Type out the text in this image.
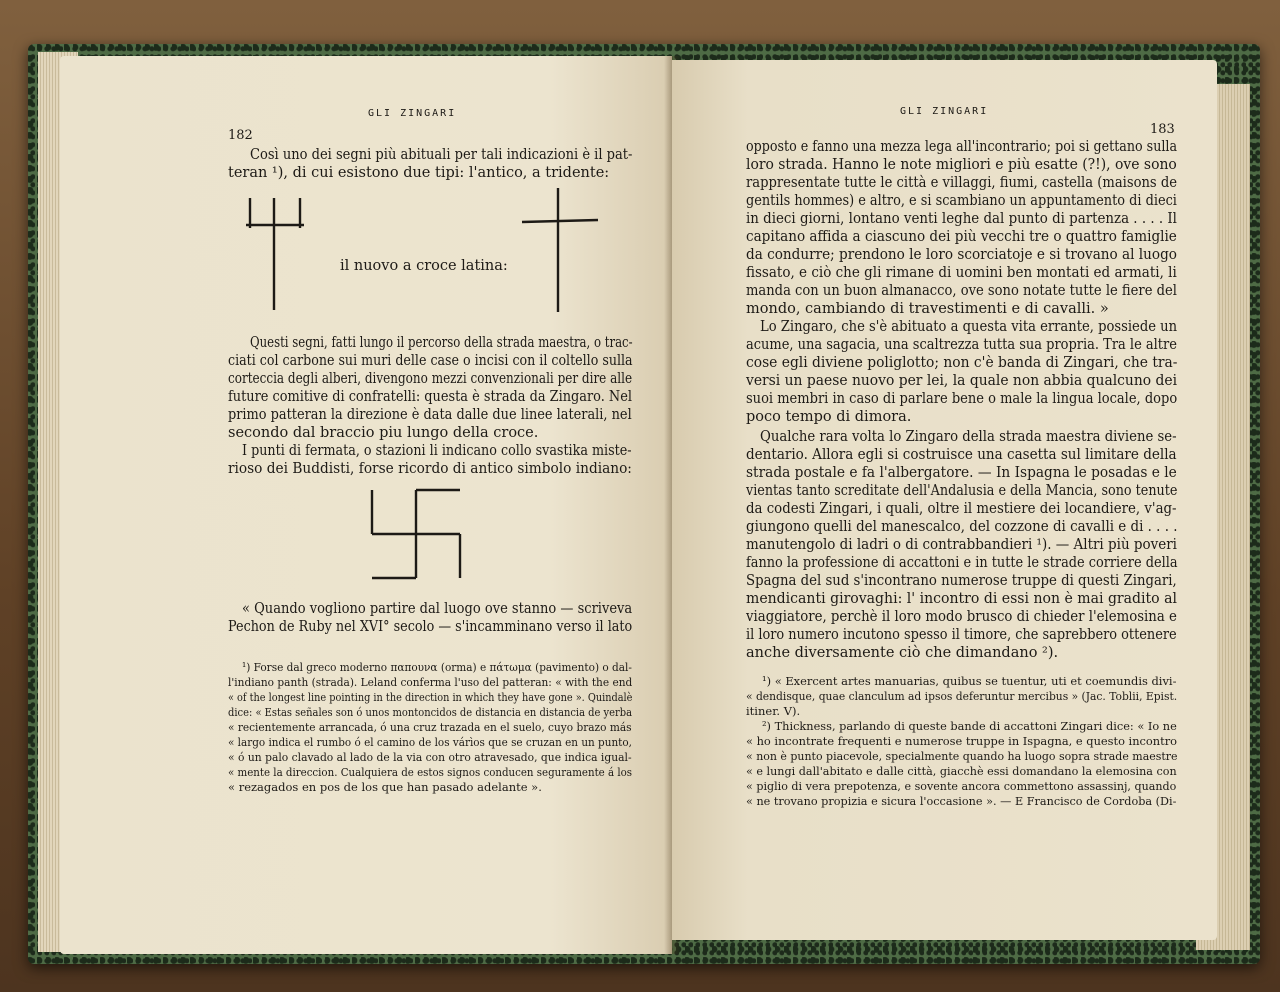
GLI ZINGARI
182
Così uno dei segni più abituali per tali indicazioni è il pat-
teran ¹), di cui esistono due tipi: l'antico, a tridente:
il nuovo a croce latina:
Questi segni, fatti lungo il percorso della strada maestra, o trac-
ciati col carbone sui muri delle case o incisi con il coltello sulla
corteccia degli alberi, divengono mezzi convenzionali per dire alle
future comitive di confratelli: questa è strada da Zingaro. Nel
primo patteran la direzione è data dalle due linee laterali, nel
secondo dal braccio piu lungo della croce.
I punti di fermata, o stazioni li indicano collo svastika miste-
rioso dei Buddisti, forse ricordo di antico simbolo indiano:
« Quando vogliono partire dal luogo ove stanno — scriveva
Pechon de Ruby nel XVI° secolo — s'incamminano verso il lato
¹) Forse dal greco moderno παπoυνα (orma) e πάτωμα (pavimento) o dal-
l'indiano panth (strada). Leland conferma l'uso del patteran: « with the end
« of the longest line pointing in the direction in which they have gone ». Quindalè
dice: « Estas señales son ó unos montoncidos de distancia en distancia de yerba
« recientemente arrancada, ó una cruz trazada en el suelo, cuyo brazo más
« largo indica el rumbo ó el camino de los várìos que se cruzan en un punto,
« ó un palo clavado al lado de la via con otro atravesado, que indica igual-
« mente la direccion. Cualquiera de estos signos conducen seguramente á los
« rezagados en pos de los que han pasado adelante ».
GLI ZINGARI
183
opposto e fanno una mezza lega all'incontrario; poi si gettano sulla
loro strada. Hanno le note migliori e più esatte (?!), ove sono
rappresentate tutte le città e villaggi, fiumi, castella (maisons de
gentils hommes) e altro, e si scambiano un appuntamento di dieci
in dieci giorni, lontano venti leghe dal punto di partenza . . . . Il
capitano affida a ciascuno dei più vecchi tre o quattro famiglie
da condurre; prendono le loro scorciatoje e si trovano al luogo
fissato, e ciò che gli rimane di uomini ben montati ed armati, li
manda con un buon almanacco, ove sono notate tutte le fiere del
mondo, cambiando di travestimenti e di cavalli. »
Lo Zingaro, che s'è abituato a questa vita errante, possiede un
acume, una sagacia, una scaltrezza tutta sua propria. Tra le altre
cose egli diviene poliglotto; non c'è banda di Zingari, che tra-
versi un paese nuovo per lei, la quale non abbia qualcuno dei
suoi membri in caso di parlare bene o male la lingua locale, dopo
poco tempo di dimora.
Qualche rara volta lo Zingaro della strada maestra diviene se-
dentario. Allora egli si costruisce una casetta sul limitare della
strada postale e fa l'albergatore. — In Ispagna le posadas e le
vientas tanto screditate dell'Andalusia e della Mancia, sono tenute
da codesti Zingari, i quali, oltre il mestiere dei locandiere, v'ag-
giungono quelli del manescalco, del cozzone di cavalli e di . . . .
manutengolo di ladri o di contrabbandieri ¹). — Altri più poveri
fanno la professione di accattoni e in tutte le strade corriere della
Spagna del sud s'incontrano numerose truppe di questi Zingari,
mendicanti girovaghi: l' incontro di essi non è mai gradito al
viaggiatore, perchè il loro modo brusco di chieder l'elemosina e
il loro numero incutono spesso il timore, che saprebbero ottenere
anche diversamente ciò che dimandano ²).
¹) « Exercent artes manuarias, quibus se tuentur, uti et coemundis divi-
« dendisque, quae clanculum ad ipsos deferuntur mercibus » (Jac. Toblii, Epist.
itiner. V).
²) Thickness, parlando di queste bande di accattoni Zingari dice: « Io ne
« ho incontrate frequenti e numerose truppe in Ispagna, e questo incontro
« non è punto piacevole, specialmente quando ha luogo sopra strade maestre
« e lungi dall'abitato e dalle città, giacchè essi domandano la elemosina con
« piglio di vera prepotenza, e sovente ancora commettono assassinj, quando
« ne trovano propizia e sicura l'occasione ». — E Francisco de Cordoba (Di-
